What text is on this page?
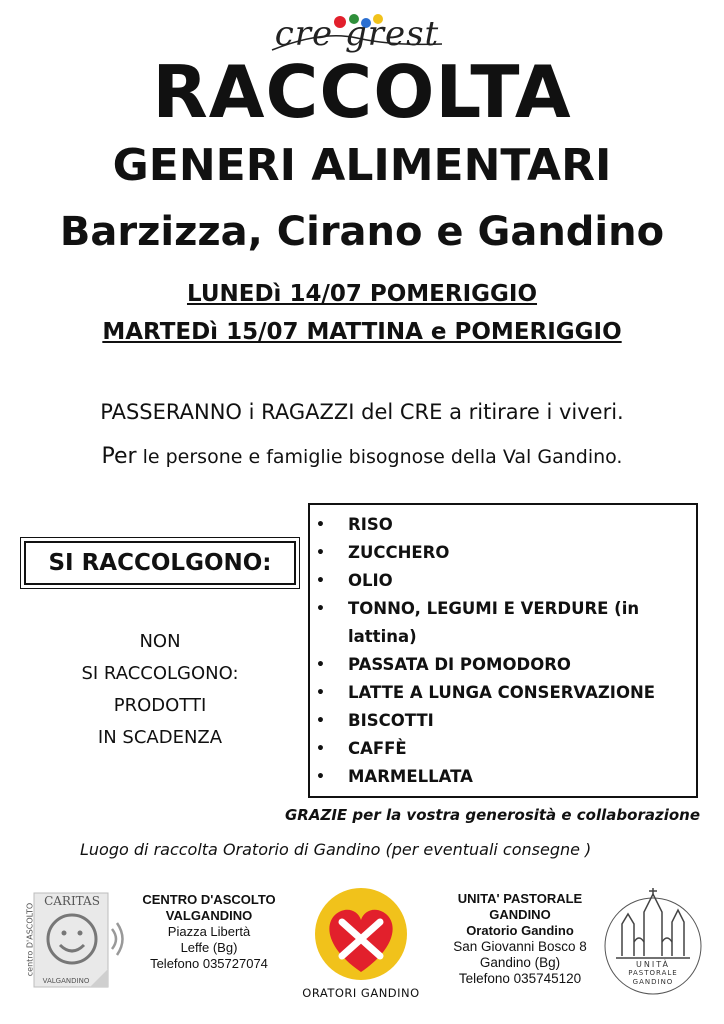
cre grest
RACCOLTA
GENERI ALIMENTARI
Barzizza, Cirano e Gandino
LUNEDì 14/07 POMERIGGIO
MARTEDì 15/07 MATTINA e POMERIGGIO
PASSERANNO i RAGAZZI del CRE a ritirare i viveri.
Per le persone e famiglie bisognose della Val Gandino.
SI RACCOLGONO:
NON
SI RACCOLGONO:
PRODOTTI
IN SCADENZA
• RISO
• ZUCCHERO
• OLIO
• TONNO, LEGUMI E VERDURE (in lattina)
• PASSATA DI POMODORO
• LATTE A LUNGA CONSERVAZIONE
• BISCOTTI
• CAFFÈ
• MARMELLATA
GRAZIE per la vostra generosità e collaborazione
Luogo di raccolta Oratorio di Gandino (per eventuali consegne )
CARITAS
centro D'ASCOLTO
VALGANDINO
CENTRO D'ASCOLTO
VALGANDINO
Piazza Libertà
Leffe (Bg)
Telefono 035727074
ORATORI GANDINO
UNITA' PASTORALE
GANDINO
Oratorio Gandino
San Giovanni Bosco 8
Gandino (Bg)
Telefono 035745120
UNITÀ
PASTORALE
GANDINO
